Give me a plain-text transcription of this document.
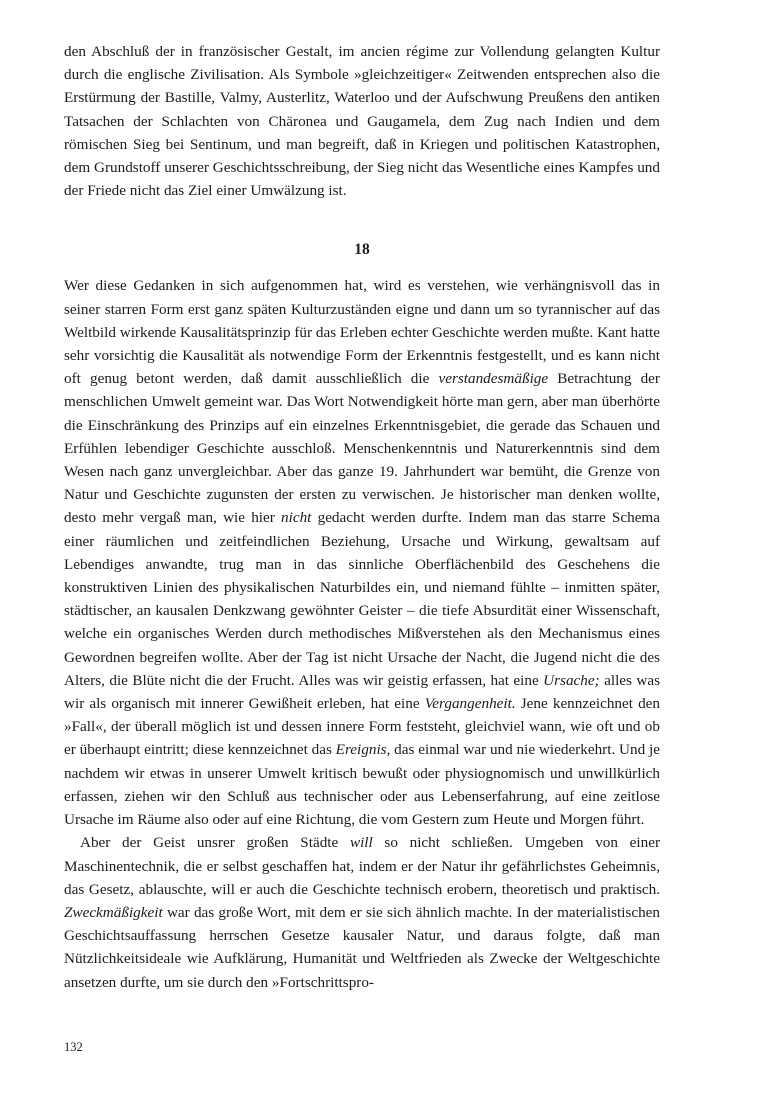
den Abschluß der in französischer Gestalt, im ancien régime zur Vollendung gelangten Kultur durch die englische Zivilisation. Als Symbole »gleichzeitiger« Zeitwenden entsprechen also die Erstürmung der Bastille, Valmy, Austerlitz, Waterloo und der Aufschwung Preußens den antiken Tatsachen der Schlachten von Chäronea und Gaugamela, dem Zug nach Indien und dem römischen Sieg bei Sentinum, und man begreift, daß in Kriegen und politischen Katastrophen, dem Grundstoff unserer Geschichtsschreibung, der Sieg nicht das Wesentliche eines Kampfes und der Friede nicht das Ziel einer Umwälzung ist.

18

Wer diese Gedanken in sich aufgenommen hat, wird es verstehen, wie verhängnisvoll das in seiner starren Form erst ganz späten Kulturzuständen eigne und dann um so tyrannischer auf das Weltbild wirkende Kausalitätsprinzip für das Erleben echter Geschichte werden mußte. Kant hatte sehr vorsichtig die Kausalität als notwendige Form der Erkenntnis festgestellt, und es kann nicht oft genug betont werden, daß damit ausschließlich die verstandesmäßige Betrachtung der menschlichen Umwelt gemeint war. Das Wort Notwendigkeit hörte man gern, aber man überhörte die Einschränkung des Prinzips auf ein einzelnes Erkenntnisgebiet, die gerade das Schauen und Erfühlen lebendiger Geschichte ausschloß. Menschenkenntnis und Naturerkenntnis sind dem Wesen nach ganz unvergleichbar. Aber das ganze 19. Jahrhundert war bemüht, die Grenze von Natur und Geschichte zugunsten der ersten zu verwischen. Je historischer man denken wollte, desto mehr vergaß man, wie hier nicht gedacht werden durfte. Indem man das starre Schema einer räumlichen und zeitfeindlichen Beziehung, Ursache und Wirkung, gewaltsam auf Lebendiges anwandte, trug man in das sinnliche Oberflächenbild des Geschehens die konstruktiven Linien des physikalischen Naturbildes ein, und niemand fühlte – inmitten später, städtischer, an kausalen Denkzwang gewöhnter Geister – die tiefe Absurdität einer Wissenschaft, welche ein organisches Werden durch methodisches Mißverstehen als den Mechanismus eines Gewordnen begreifen wollte. Aber der Tag ist nicht Ursache der Nacht, die Jugend nicht die des Alters, die Blüte nicht die der Frucht. Alles was wir geistig erfassen, hat eine Ursache; alles was wir als organisch mit innerer Gewißheit erleben, hat eine Vergangenheit. Jene kennzeichnet den »Fall«, der überall möglich ist und dessen innere Form feststeht, gleichviel wann, wie oft und ob er überhaupt eintritt; diese kennzeichnet das Ereignis, das einmal war und nie wiederkehrt. Und je nachdem wir etwas in unserer Umwelt kritisch bewußt oder physiognomisch und unwillkürlich erfassen, ziehen wir den Schluß aus technischer oder aus Lebenserfahrung, auf eine zeitlose Ursache im Räume also oder auf eine Richtung, die vom Gestern zum Heute und Morgen führt.

Aber der Geist unsrer großen Städte will so nicht schließen. Umgeben von einer Maschinentechnik, die er selbst geschaffen hat, indem er der Natur ihr gefährlichstes Geheimnis, das Gesetz, ablauschte, will er auch die Geschichte technisch erobern, theoretisch und praktisch. Zweckmäßigkeit war das große Wort, mit dem er sie sich ähnlich machte. In der materialistischen Geschichtsauffassung herrschen Gesetze kausaler Natur, und daraus folgte, daß man Nützlichkeitsideale wie Aufklärung, Humanität und Weltfrieden als Zwecke der Weltgeschichte ansetzen durfte, um sie durch den »Fortschrittspro-

132
